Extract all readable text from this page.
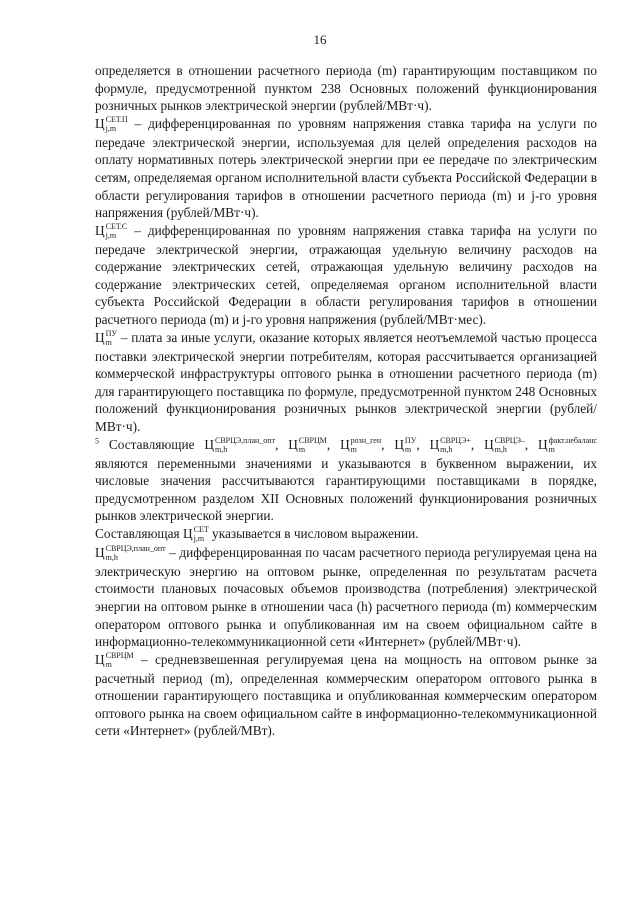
16

определяется в отношении расчетного периода (m) гарантирующим поставщиком по формуле, предусмотренной пунктом 238 Основных положений функционирования розничных рынков электрической энергии (рублей/МВт·ч).

Ц СЕТ.П
j,m – дифференцированная по уровням напряжения ставка тарифа на услуги по передаче электрической энергии, используемая для целей определения расходов на оплату нормативных потерь электрической энергии при ее передаче по электрическим сетям, определяемая органом исполнительной власти субъекта Российской Федерации в области регулирования тарифов в отношении расчетного периода (m) и j-го уровня напряжения (рублей/МВт·ч).

Ц СЕТ.С
j,m – дифференцированная по уровням напряжения ставка тарифа на услуги по передаче электрической энергии, отражающая удельную величину расходов на содержание электрических сетей, отражающая удельную величину расходов на содержание электрических сетей, определяемая органом исполнительной власти субъекта Российской Федерации в области регулирования тарифов в отношении расчетного периода (m) и j-го уровня напряжения (рублей/МВт·мес).

Ц ПУ
m – плата за иные услуги, оказание которых является неотъемлемой частью процесса поставки электрической энергии потребителям, которая рассчитывается организацией коммерческой инфраструктуры оптового рынка в отношении расчетного периода (m) для гарантирующего поставщика по формуле, предусмотренной пунктом 248 Основных положений функционирования розничных рынков электрической энергии (рублей/МВт·ч).

$^5$ Составляющие Ц СВРЦЭ,план_опт
m,h	, Ц СВРЦМ
m	, Ц розн_ген
m	, Ц ПУ
m , Ц СВРЦЭ+
m,h	, Ц СВРЦЭ–
m,h	, Ц факт.небаланс
m
являются переменными значениями и указываются в буквенном выражении, их числовые значения рассчитываются гарантирующими поставщиками в порядке, предусмотренном разделом XII Основных положений функционирования розничных рынков электрической энергии.

Составляющая Ц СЕТ
j,m указывается в числовом выражении.

Ц СВРЦЭ,план_опт
m,h	– дифференцированная по часам расчетного периода регулируемая цена на электрическую энергию на оптовом рынке, определенная по результатам расчета стоимости плановых почасовых объемов производства (потребления) электрической энергии на оптовом рынке в отношении часа (h) расчетного периода (m) коммерческим оператором оптового рынка и опубликованная им на своем официальном сайте в информационно-телекоммуникационной сети «Интернет» (рублей/МВт·ч).

Ц СВРЦМ
m	– средневзвешенная регулируемая цена на мощность на оптовом рынке за расчетный период (m), определенная коммерческим оператором оптового рынка в отношении гарантирующего поставщика и опубликованная коммерческим оператором оптового рынка на своем официальном сайте в информационно-телекоммуникационной сети «Интернет» (рублей/МВт).
